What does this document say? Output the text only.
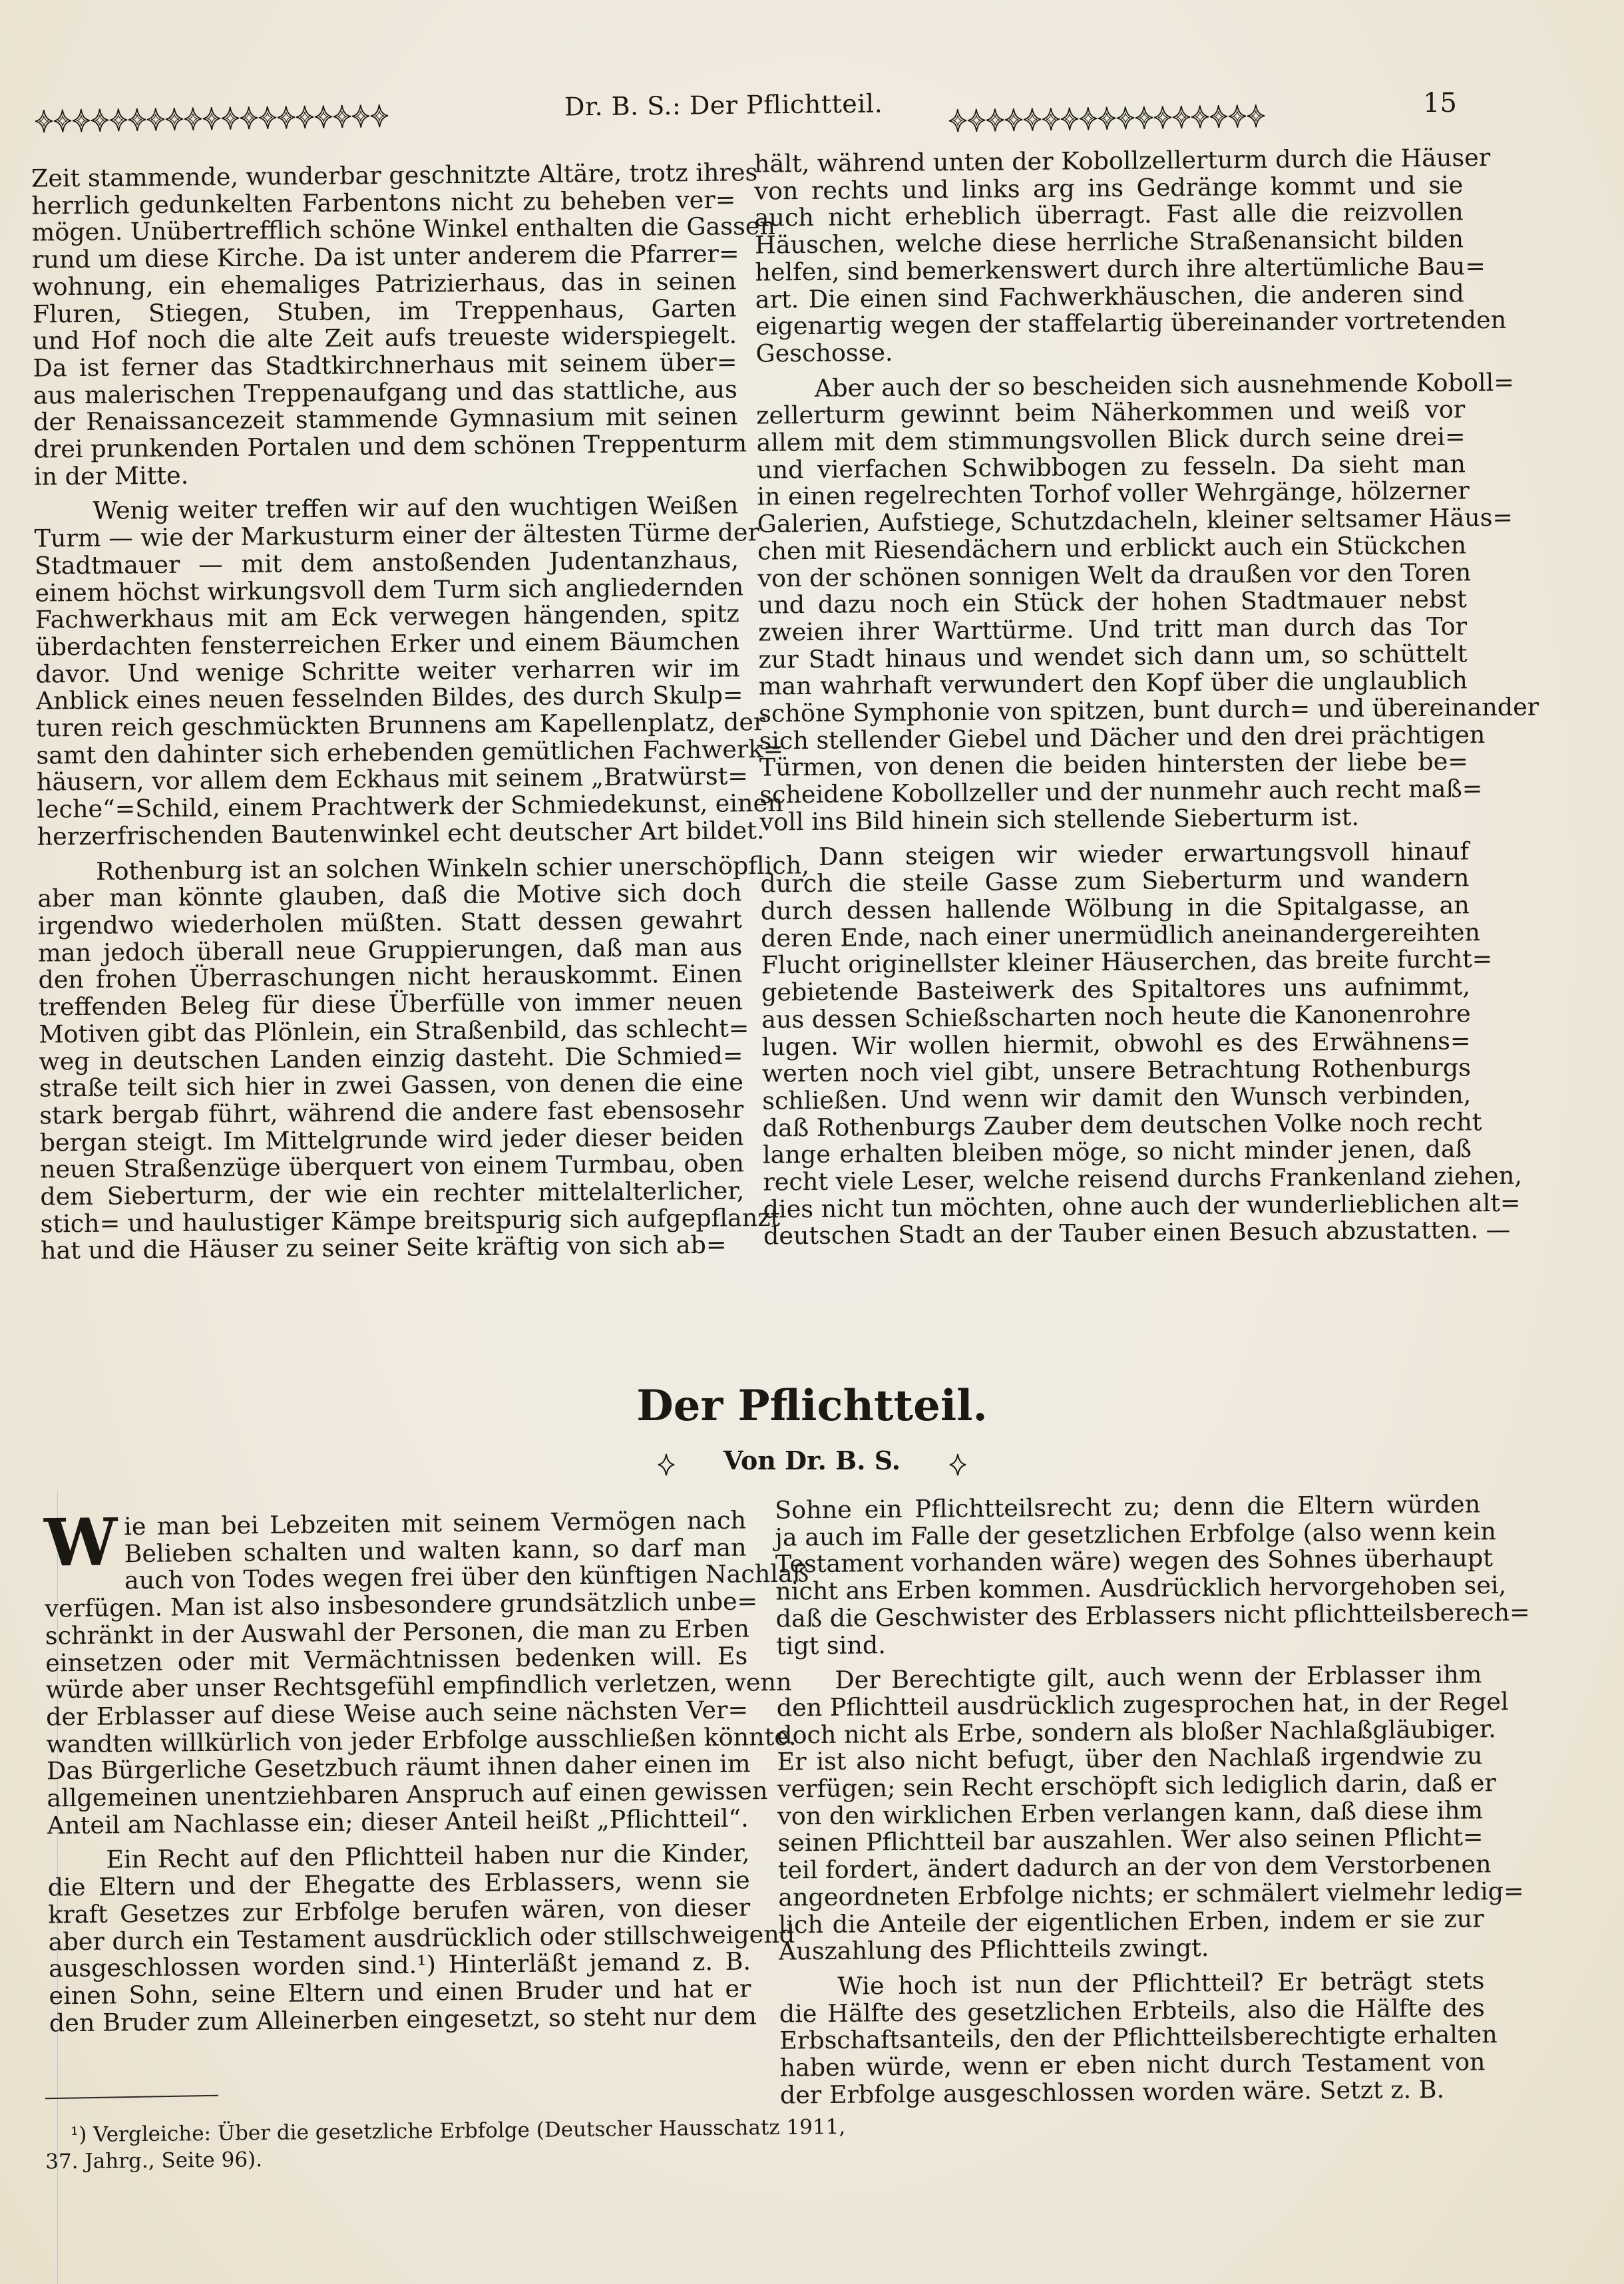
Dr. B. S.: Der Pflichtteil.	15

Zeit stammende, wunderbar geschnitzte Altäre, trotz ihres
herrlich gedunkelten Farbentons nicht zu beheben ver=
mögen. Unübertrefflich schöne Winkel enthalten die Gassen
rund um diese Kirche. Da ist unter anderem die Pfarrer=
wohnung, ein ehemaliges Patrizierhaus, das in seinen
Fluren, Stiegen, Stuben, im Treppenhaus, Garten
und Hof noch die alte Zeit aufs treueste widerspiegelt.
Da ist ferner das Stadtkirchnerhaus mit seinem über=
aus malerischen Treppenaufgang und das stattliche, aus
der Renaissancezeit stammende Gymnasium mit seinen
drei prunkenden Portalen und dem schönen Treppenturm
in der Mitte.

Wenig weiter treffen wir auf den wuchtigen Weißen
Turm — wie der Markusturm einer der ältesten Türme der
Stadtmauer — mit dem anstoßenden Judentanzhaus,
einem höchst wirkungsvoll dem Turm sich angliedernden
Fachwerkhaus mit am Eck verwegen hängenden, spitz
überdachten fensterreichen Erker und einem Bäumchen
davor. Und wenige Schritte weiter verharren wir im
Anblick eines neuen fesselnden Bildes, des durch Skulp=
turen reich geschmückten Brunnens am Kapellenplatz, der
samt den dahinter sich erhebenden gemütlichen Fachwerk=
häusern, vor allem dem Eckhaus mit seinem „Bratwürst=
leche“=Schild, einem Prachtwerk der Schmiedekunst, einen
herzerfrischenden Bautenwinkel echt deutscher Art bildet.

Rothenburg ist an solchen Winkeln schier unerschöpflich,
aber man könnte glauben, daß die Motive sich doch
irgendwo wiederholen müßten. Statt dessen gewahrt
man jedoch überall neue Gruppierungen, daß man aus
den frohen Überraschungen nicht herauskommt. Einen
treffenden Beleg für diese Überfülle von immer neuen
Motiven gibt das Plönlein, ein Straßenbild, das schlecht=
weg in deutschen Landen einzig dasteht. Die Schmied=
straße teilt sich hier in zwei Gassen, von denen die eine
stark bergab führt, während die andere fast ebensosehr
bergan steigt. Im Mittelgrunde wird jeder dieser beiden
neuen Straßenzüge überquert von einem Turmbau, oben
dem Sieberturm, der wie ein rechter mittelalterlicher,
stich= und haulustiger Kämpe breitspurig sich aufgepflanzt
hat und die Häuser zu seiner Seite kräftig von sich ab=

hält, während unten der Kobollzellerturm durch die Häuser
von rechts und links arg ins Gedränge kommt und sie
auch nicht erheblich überragt. Fast alle die reizvollen
Häuschen, welche diese herrliche Straßenansicht bilden
helfen, sind bemerkenswert durch ihre altertümliche Bau=
art. Die einen sind Fachwerkhäuschen, die anderen sind
eigenartig wegen der staffelartig übereinander vortretenden
Geschosse.

Aber auch der so bescheiden sich ausnehmende Koboll=
zellerturm gewinnt beim Näherkommen und weiß vor
allem mit dem stimmungsvollen Blick durch seine drei=
und vierfachen Schwibbogen zu fesseln. Da sieht man
in einen regelrechten Torhof voller Wehrgänge, hölzerner
Galerien, Aufstiege, Schutzdacheln, kleiner seltsamer Häus=
chen mit Riesendächern und erblickt auch ein Stückchen
von der schönen sonnigen Welt da draußen vor den Toren
und dazu noch ein Stück der hohen Stadtmauer nebst
zweien ihrer Warttürme. Und tritt man durch das Tor
zur Stadt hinaus und wendet sich dann um, so schüttelt
man wahrhaft verwundert den Kopf über die unglaublich
schöne Symphonie von spitzen, bunt durch= und übereinander
sich stellender Giebel und Dächer und den drei prächtigen
Türmen, von denen die beiden hintersten der liebe be=
scheidene Kobollzeller und der nunmehr auch recht maß=
voll ins Bild hinein sich stellende Sieberturm ist.

Dann steigen wir wieder erwartungsvoll hinauf
durch die steile Gasse zum Sieberturm und wandern
durch dessen hallende Wölbung in die Spitalgasse, an
deren Ende, nach einer unermüdlich aneinandergereihten
Flucht originellster kleiner Häuserchen, das breite furcht=
gebietende Basteiwerk des Spitaltores uns aufnimmt,
aus dessen Schießscharten noch heute die Kanonenrohre
lugen. Wir wollen hiermit, obwohl es des Erwähnens=
werten noch viel gibt, unsere Betrachtung Rothenburgs
schließen. Und wenn wir damit den Wunsch verbinden,
daß Rothenburgs Zauber dem deutschen Volke noch recht
lange erhalten bleiben möge, so nicht minder jenen, daß
recht viele Leser, welche reisend durchs Frankenland ziehen,
dies nicht tun möchten, ohne auch der wunderlieblichen alt=
deutschen Stadt an der Tauber einen Besuch abzustatten. —

Der Pflichtteil.
Von Dr. B. S.
W ie man bei Lebzeiten mit seinem Vermögen nach
Belieben schalten und walten kann, so darf man
auch von Todes wegen frei über den künftigen Nachlaß
verfügen. Man ist also insbesondere grundsätzlich unbe=
schränkt in der Auswahl der Personen, die man zu Erben
einsetzen oder mit Vermächtnissen bedenken will. Es
würde aber unser Rechtsgefühl empfindlich verletzen, wenn
der Erblasser auf diese Weise auch seine nächsten Ver=
wandten willkürlich von jeder Erbfolge ausschließen könnte.
Das Bürgerliche Gesetzbuch räumt ihnen daher einen im
allgemeinen unentziehbaren Anspruch auf einen gewissen
Anteil am Nachlasse ein; dieser Anteil heißt „Pflichtteil“.

Ein Recht auf den Pflichtteil haben nur die Kinder,
die Eltern und der Ehegatte des Erblassers, wenn sie
kraft Gesetzes zur Erbfolge berufen wären, von dieser
aber durch ein Testament ausdrücklich oder stillschweigend
ausgeschlossen worden sind.¹) Hinterläßt jemand z. B.
einen Sohn, seine Eltern und einen Bruder und hat er
den Bruder zum Alleinerben eingesetzt, so steht nur dem

Sohne ein Pflichtteilsrecht zu; denn die Eltern würden
ja auch im Falle der gesetzlichen Erbfolge (also wenn kein
Testament vorhanden wäre) wegen des Sohnes überhaupt
nicht ans Erben kommen. Ausdrücklich hervorgehoben sei,
daß die Geschwister des Erblassers nicht pflichtteilsberech=
tigt sind.

Der Berechtigte gilt, auch wenn der Erblasser ihm
den Pflichtteil ausdrücklich zugesprochen hat, in der Regel
doch nicht als Erbe, sondern als bloßer Nachlaßgläubiger.
Er ist also nicht befugt, über den Nachlaß irgendwie zu
verfügen; sein Recht erschöpft sich lediglich darin, daß er
von den wirklichen Erben verlangen kann, daß diese ihm
seinen Pflichtteil bar auszahlen. Wer also seinen Pflicht=
teil fordert, ändert dadurch an der von dem Verstorbenen
angeordneten Erbfolge nichts; er schmälert vielmehr ledig=
lich die Anteile der eigentlichen Erben, indem er sie zur
Auszahlung des Pflichtteils zwingt.

Wie hoch ist nun der Pflichtteil? Er beträgt stets
die Hälfte des gesetzlichen Erbteils, also die Hälfte des
Erbschaftsanteils, den der Pflichtteilsberechtigte erhalten
haben würde, wenn er eben nicht durch Testament von
der Erbfolge ausgeschlossen worden wäre. Setzt z. B.

¹) Vergleiche: Über die gesetzliche Erbfolge (Deutscher Hausschatz 1911,
37. Jahrg., Seite 96).
